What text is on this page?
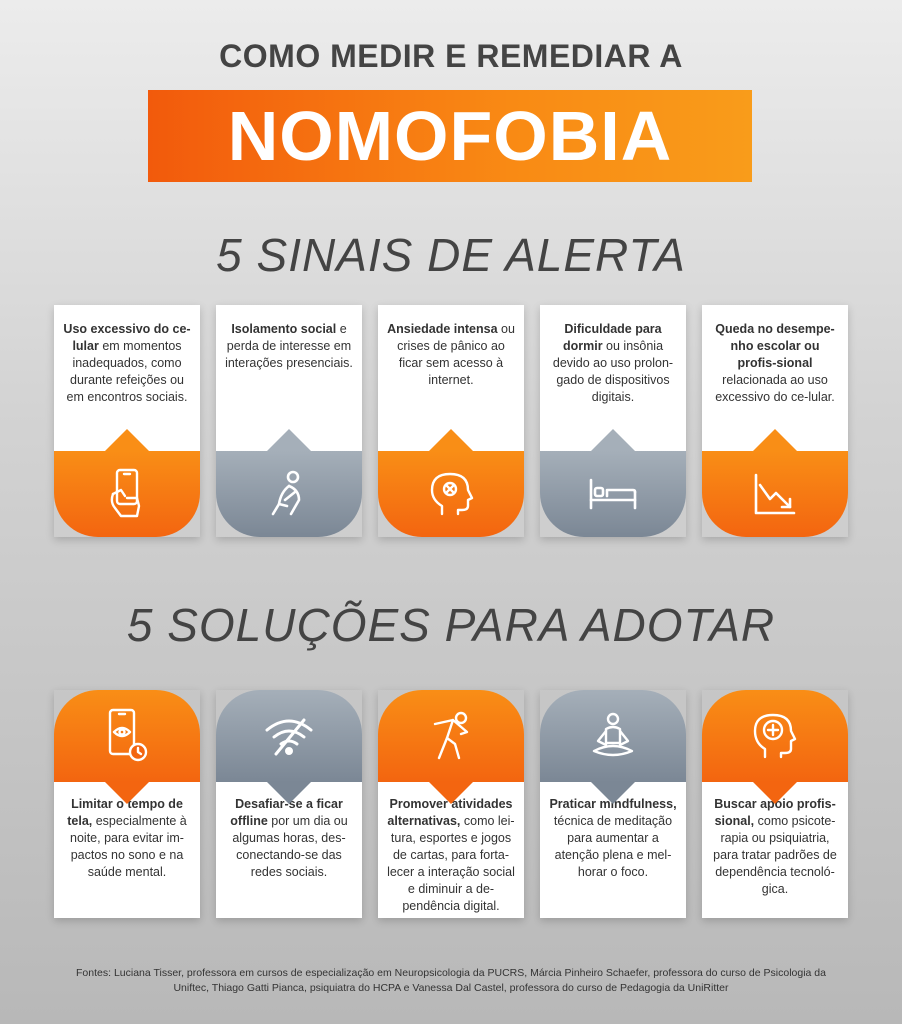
COMO MEDIR E REMEDIAR A
NOMOFOBIA
5 SINAIS DE ALERTA
Uso excessivo do ce-lular em momentos inadequados, como durante refeições ou em encontros sociais.
Isolamento social e perda de interesse em interações presenciais.
Ansiedade intensa ou crises de pânico ao ficar sem acesso à internet.
Dificuldade para dormir ou insônia devido ao uso prolon-gado de dispositivos digitais.
Queda no desempe-nho escolar ou profis-sional relacionada ao uso excessivo do ce-lular.
5 SOLUÇÕES PARA ADOTAR
Limitar o tempo de tela, especialmente à noite, para evitar im-pactos no sono e na saúde mental.
Desafiar-se a ficar offline por um dia ou algumas horas, des-conectando-se das redes sociais.
Promover atividades alternativas, como lei-tura, esportes e jogos de cartas, para forta-lecer a interação social e diminuir a de-pendência digital.
Praticar mindfulness, técnica de meditação para aumentar a atenção plena e mel-horar o foco.
Buscar apoio profis-sional, como psicote-rapia ou psiquiatria, para tratar padrões de dependência tecnoló-gica.
Fontes: Luciana Tisser, professora em cursos de especialização em Neuropsicologia da PUCRS, Márcia Pinheiro Schaefer, professora do curso de Psicologia da Uniftec, Thiago Gatti Pianca, psiquiatra do HCPA e Vanessa Dal Castel, professora do curso de Pedagogia da UniRitter
